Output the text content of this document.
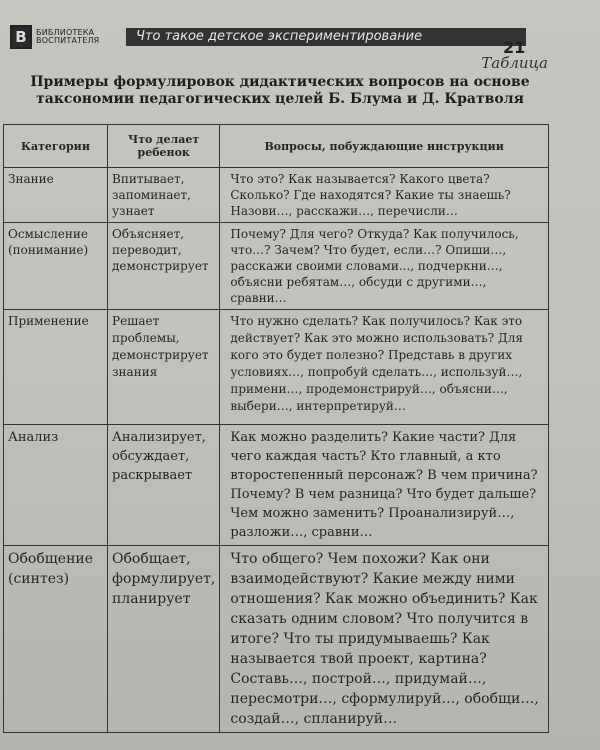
В	БИБЛИОТЕКА
ВОСПИТАТЕЛЯ	Что такое детское экспериментирование
21
Таблица
Примеры формулировок дидактических вопросов на основе
таксономии педагогических целей Б. Блума и Д. Кратволя
Категории	Что делает ребенок	Вопросы, побуждающие инструкции
Знание	Впитывает, запоминает, узнает	Что это? Как называется? Какого цвета? Сколько? Где находятся? Какие ты знаешь? Назови…, расскажи…, перечисли…
Осмысление (понимание)	Объясняет, переводит, демонстрирует	Почему? Для чего? Откуда? Как получилось, что…? Зачем? Что будет, если…? Опиши…, расскажи своими словами..., подчеркни…, объясни ребятам…, обсуди с другими…, сравни…
Применение	Решает проблемы, демонстрирует знания	Что нужно сделать? Как получилось? Как это действует? Как это можно использовать? Для кого это будет полезно? Представь в других условиях…, попробуй сделать…, используй…, примени…, продемонстрируй…, объясни…, выбери…, интерпретируй…
Анализ	Анализирует, обсуждает, раскрывает	Как можно разделить? Какие части? Для чего каждая часть? Кто главный, а кто второстепенный персонаж? В чем причина? Почему? В чем разница? Что будет дальше? Чем можно заменить? Проанализируй…, разложи…, сравни…
Обобщение (синтез)	Обобщает, формулирует, планирует	Что общего? Чем похожи? Как они взаимодействуют? Какие между ними отношения? Как можно объединить? Как сказать одним словом? Что получится в итоге? Что ты придумываешь? Как называется твой проект, картина? Составь…, построй…, придумай…, пересмотри…, сформулируй…, обобщи…, создай…, спланируй…
